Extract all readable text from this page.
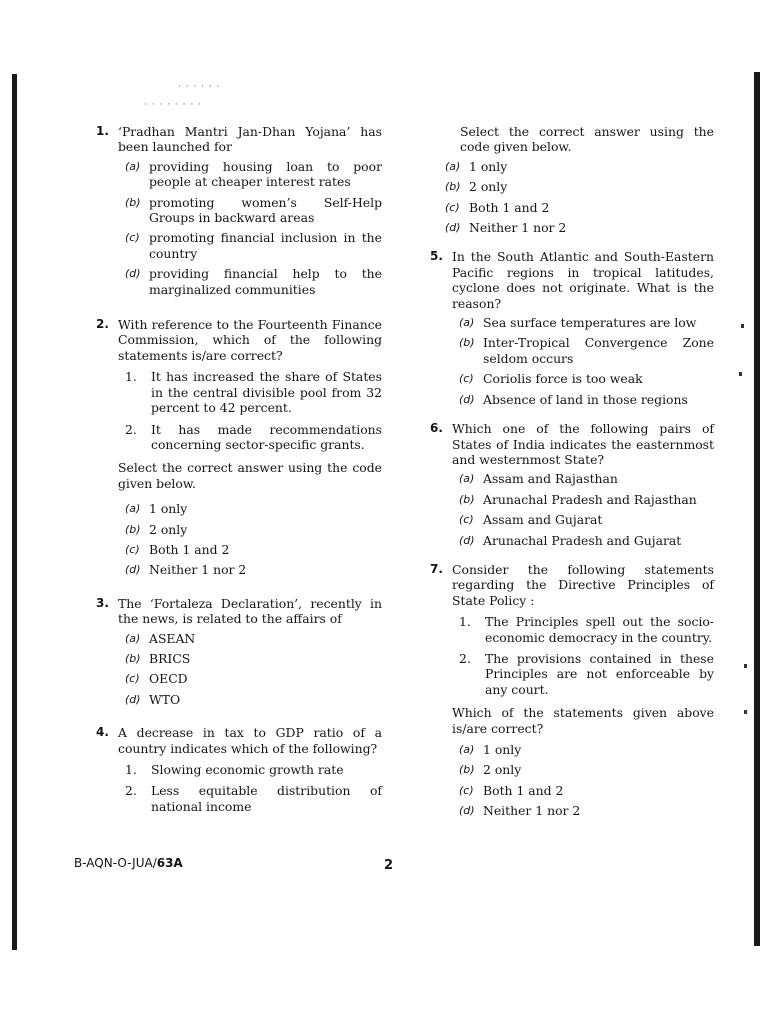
· · · · · ·
· · · · · · · ·
1. ‘Pradhan Mantri Jan-Dhan Yojana’ has been launched for
(a) providing housing loan to poor people at cheaper interest rates
(b) promoting women’s Self-Help Groups in backward areas
(c) promoting financial inclusion in the country
(d) providing financial help to the marginalized communities
2. With reference to the Fourteenth Finance Commission, which of the following statements is/are correct?
1. It has increased the share of States in the central divisible pool from 32 percent to 42 percent.
2. It has made recommendations concerning sector-specific grants.
Select the correct answer using the code given below.
(a) 1 only
(b) 2 only
(c) Both 1 and 2
(d) Neither 1 nor 2
3. The ‘Fortaleza Declaration’, recently in the news, is related to the affairs of
(a) ASEAN
(b) BRICS
(c) OECD
(d) WTO
4. A decrease in tax to GDP ratio of a country indicates which of the following?
1. Slowing economic growth rate
2. Less equitable distribution of national income
Select the correct answer using the code given below.
(a) 1 only
(b) 2 only
(c) Both 1 and 2
(d) Neither 1 nor 2
5. In the South Atlantic and South-Eastern Pacific regions in tropical latitudes, cyclone does not originate. What is the reason?
(a) Sea surface temperatures are low
(b) Inter-Tropical Convergence Zone seldom occurs
(c) Coriolis force is too weak
(d) Absence of land in those regions
6. Which one of the following pairs of States of India indicates the easternmost and westernmost State?
(a) Assam and Rajasthan
(b) Arunachal Pradesh and Rajasthan
(c) Assam and Gujarat
(d) Arunachal Pradesh and Gujarat
7. Consider the following statements regarding the Directive Principles of State Policy :
1. The Principles spell out the socio-economic democracy in the country.
2. The provisions contained in these Principles are not enforceable by any court.
Which of the statements given above is/are correct?
(a) 1 only
(b) 2 only
(c) Both 1 and 2
(d) Neither 1 nor 2
B-AQN-O-JUA/63A	2
